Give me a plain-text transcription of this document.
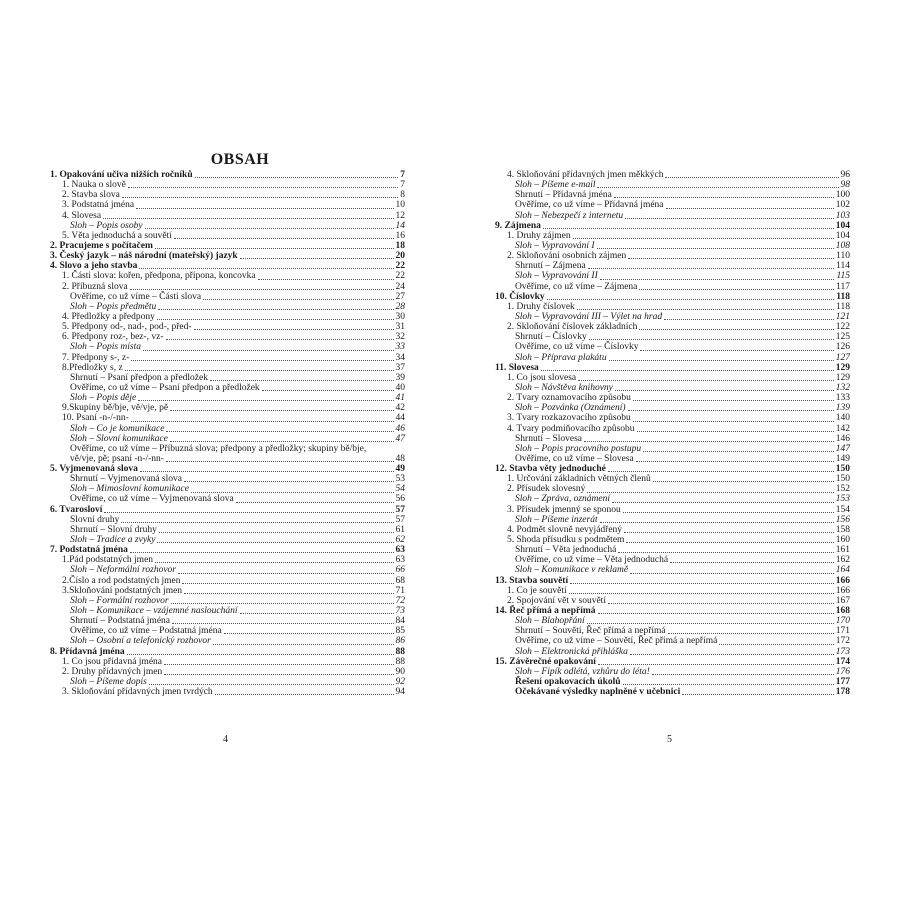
OBSAH
1. Opakování učiva nižších ročníků	7
1. Nauka o slově	7
2. Stavba slova	8
3. Podstatná jména	10
4. Slovesa	12
Sloh – Popis osoby	14
5. Věta jednoduchá a souvětí	16
2. Pracujeme s počítačem	18
3. Český jazyk – náš národní (mateřský) jazyk	20
4. Slovo a jeho stavba	22
1. Části slova: kořen, předpona, přípona, koncovka	22
2. Příbuzná slova	24
Ověříme, co už víme – Části slova	27
Sloh – Popis předmětu	28
4. Předložky a předpony	30
5. Předpony od-, nad-, pod-, před-	31
6. Předpony roz-, bez-, vz-	32
Sloh – Popis místa	33
7. Předpony s-, z-	34
8.Předložky s, z	37
Shrnutí – Psaní předpon a předložek	39
Ověříme, co už víme – Psaní předpon a předložek	40
Sloh – Popis děje	41
9.Skupiny bě/bje, vě/vje, pě	42
10. Psaní -n-/-nn-	44
Sloh – Co je komunikace	46
Sloh – Slovní komunikace	47
Ověříme, co už víme – Příbuzná slova; předpony a předložky; skupiny bě/bje,
vě/vje, pě; psaní -n-/-nn-	48
5. Vyjmenovaná slova	49
Shrnutí – Vyjmenovaná slova	53
Sloh – Mimoslovní komunikace	54
Ověříme, co už víme – Vyjmenovaná slova	56
6. Tvarosloví	57
Slovní druhy	57
Shrnutí – Slovní druhy	61
Sloh – Tradice a zvyky	62
7. Podstatná jména	63
1.Pád podstatných jmen	63
Sloh – Neformální rozhovor	66
2.Číslo a rod podstatných jmen	68
3.Skloňování podstatných jmen	71
Sloh – Formální rozhovor	72
Sloh – Komunikace – vzájemné naslouchání	73
Shrnutí – Podstatná jména	84
Ověříme, co už víme – Podstatná jména	85
Sloh – Osobní a telefonický rozhovor	86
8. Přídavná jména	88
1. Co jsou přídavná jména	88
2. Druhy přídavných jmen	90
Sloh – Píšeme dopis	92
3. Skloňování přídavných jmen tvrdých	94
4. Skloňování přídavných jmen měkkých	96
Sloh – Píšeme e-mail	98
Shrnutí – Přídavná jména	100
Ověříme, co už víme – Přídavná jména	102
Sloh – Nebezpečí z internetu	103
9. Zájmena	104
1. Druhy zájmen	104
Sloh – Vypravování I	108
2. Skloňování osobních zájmen	110
Shrnutí – Zájmena	114
Sloh – Vypravování II	115
Ověříme, co už víme – Zájmena	117
10. Číslovky	118
1. Druhy číslovek	118
Sloh – Vypravování III – Výlet na hrad	121
2. Skloňování číslovek základních	122
Shrnutí – Číslovky	125
Ověříme, co už víme – Číslovky	126
Sloh – Příprava plakátu	127
11. Slovesa	129
1. Co jsou slovesa	129
Sloh – Návštěva knihovny	132
2. Tvary oznamovacího způsobu	133
Sloh – Pozvánka (Oznámení)	139
3. Tvary rozkazovacího způsobu	140
4. Tvary podmiňovacího způsobu	142
Shrnutí – Slovesa	146
Sloh – Popis pracovního postupu	147
Ověříme, co už víme – Slovesa	149
12. Stavba věty jednoduché	150
1. Určování základních větných členů	150
2. Přísudek slovesný	152
Sloh – Zpráva, oznámení	153
3. Přísudek jmenný se sponou	154
Sloh – Píšeme inzerát	156
4. Podmět slovně nevyjádřený	158
5. Shoda přísudku s podmětem	160
Shrnutí – Věta jednoduchá	161
Ověříme, co už víme – Věta jednoduchá	162
Sloh – Komunikace v reklamě	164
13. Stavba souvětí	166
1. Co je souvětí	166
2. Spojování vět v souvětí	167
14. Řeč přímá a nepřímá	168
Sloh – Blahopřání	170
Shrnutí – Souvětí, Řeč přímá a nepřímá	171
Ověříme, co už víme – Souvětí, Řeč přímá a nepřímá	172
Sloh – Elektronická přihláška	173
15. Závěrečné opakování	174
Sloh – Fipík odlétá, vzhůru do léta!	176
Řešení opakovacích úkolů	177
Očekávané výsledky naplněné v učebnici	178
4	5
